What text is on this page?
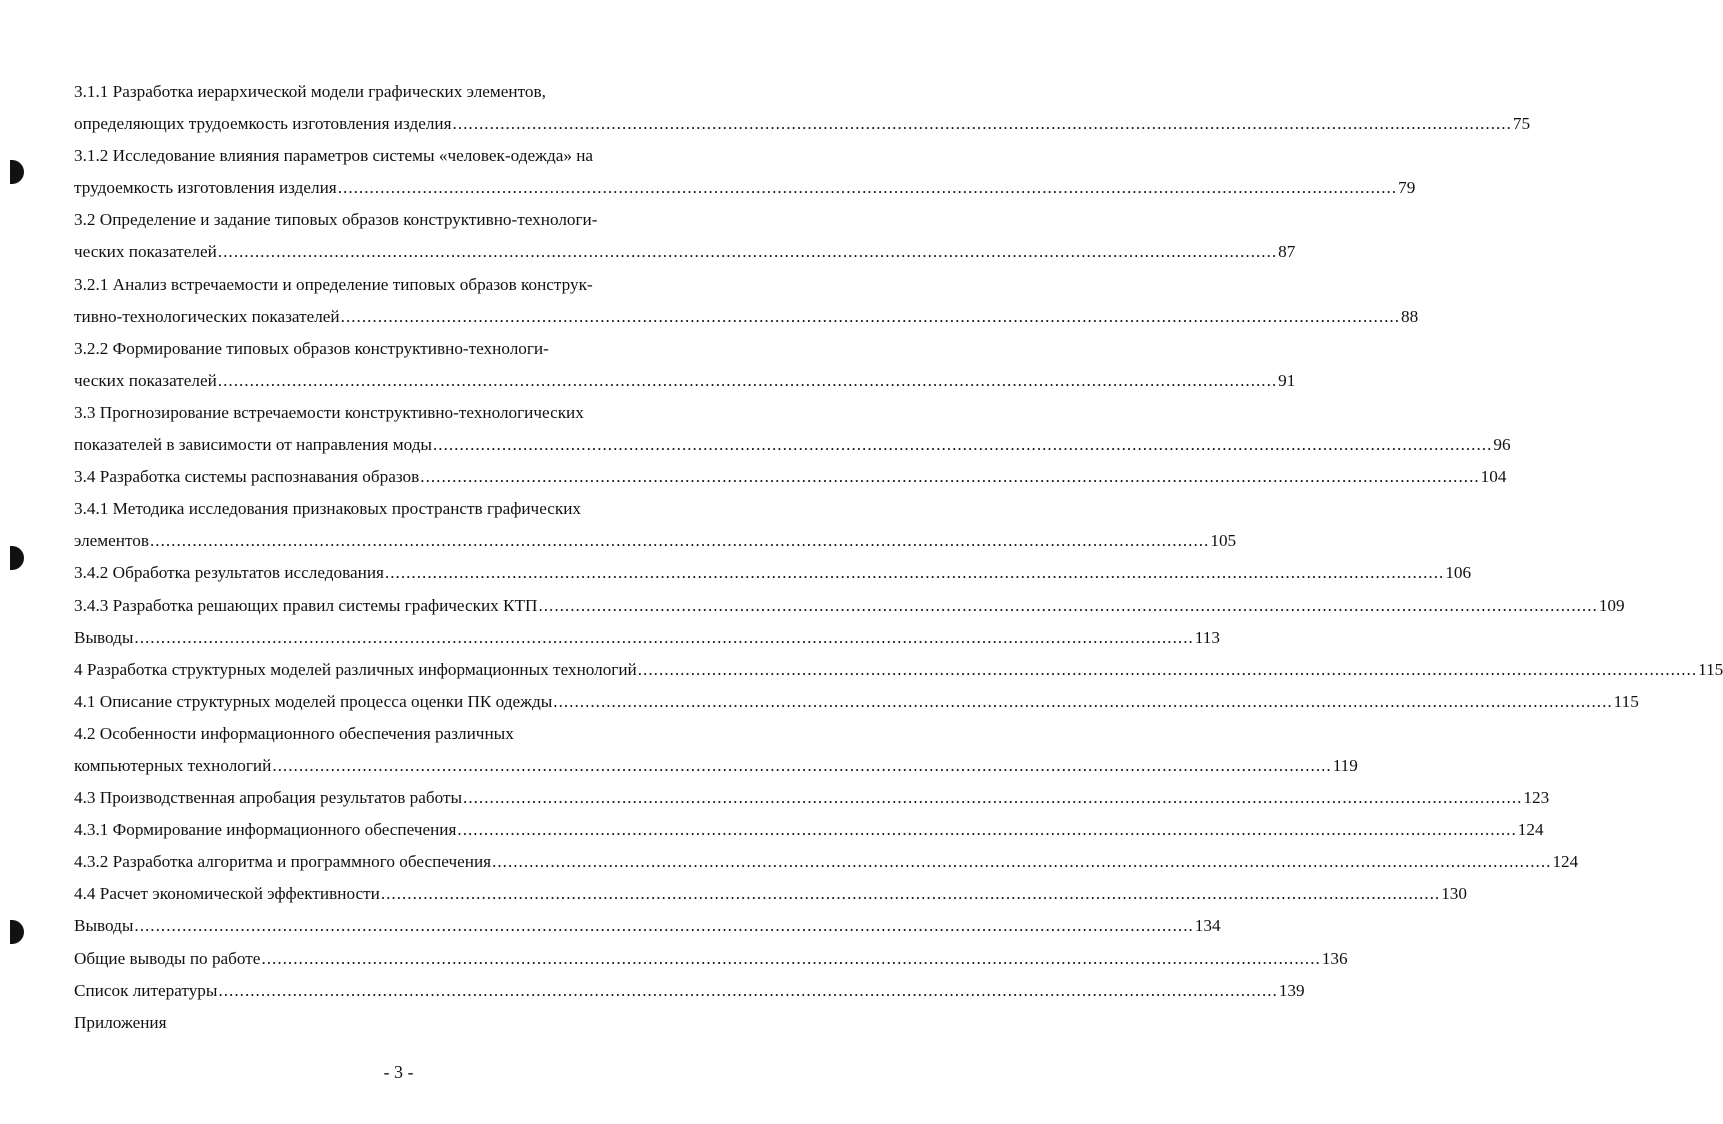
3.1.1 Разработка иерархической модели графических элементов,
определяющих трудоемкость изготовления изделия ........................................................................................................................................................................................................ 75
3.1.2 Исследование влияния параметров системы «человек-одежда» на
трудоемкость изготовления изделия ........................................................................................................................................................................................................ 79
3.2 Определение и задание типовых образов конструктивно-технологи-
ческих показателей ........................................................................................................................................................................................................ 87
3.2.1 Анализ встречаемости и определение типовых образов конструк-
тивно-технологических показателей ........................................................................................................................................................................................................ 88
3.2.2 Формирование типовых образов конструктивно-технологи-
ческих показателей ........................................................................................................................................................................................................ 91
3.3 Прогнозирование встречаемости конструктивно-технологических
показателей в зависимости от направления моды ........................................................................................................................................................................................................ 96
3.4 Разработка системы распознавания образов ........................................................................................................................................................................................................ 104
3.4.1 Методика исследования признаковых пространств графических
элементов ........................................................................................................................................................................................................ 105
3.4.2 Обработка результатов исследования ........................................................................................................................................................................................................ 106
3.4.3 Разработка решающих правил системы графических КТП ........................................................................................................................................................................................................ 109
Выводы ........................................................................................................................................................................................................ 113
4 Разработка структурных моделей различных информационных технологий ........................................................................................................................................................................................................ 115
4.1 Описание структурных моделей процесса оценки ПК одежды ........................................................................................................................................................................................................ 115
4.2 Особенности информационного обеспечения различных
компьютерных технологий ........................................................................................................................................................................................................ 119
4.3 Производственная апробация результатов работы ........................................................................................................................................................................................................ 123
4.3.1 Формирование информационного обеспечения ........................................................................................................................................................................................................ 124
4.3.2 Разработка алгоритма и программного обеспечения ........................................................................................................................................................................................................ 124
4.4 Расчет экономической эффективности ........................................................................................................................................................................................................ 130
Выводы ........................................................................................................................................................................................................ 134
Общие выводы по работе ........................................................................................................................................................................................................ 136
Список литературы ........................................................................................................................................................................................................ 139
Приложения
- 3 -
